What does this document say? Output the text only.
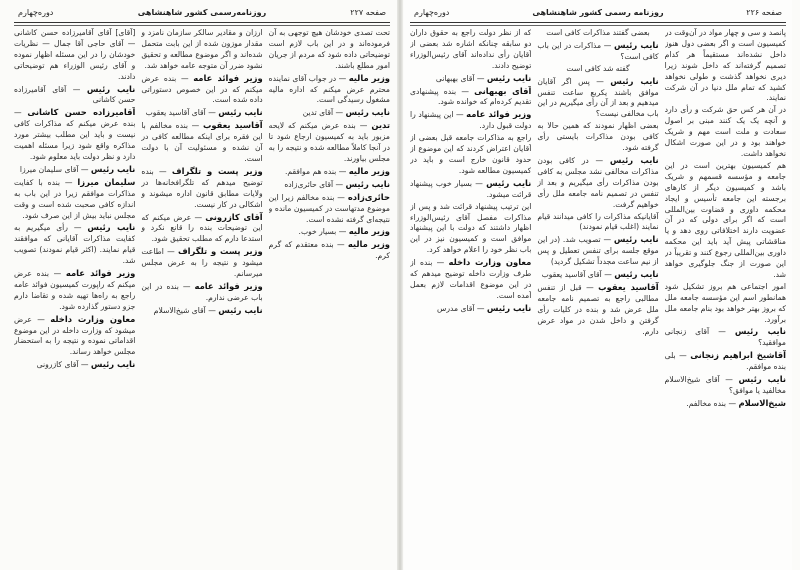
صفحه ۲۲۷
روزنامه‌رسمی کشور شاهنشاهی
دوره‌چهارم

تحت تصدی خودشان هیچ توجهی به آن فرموده‌اند و در این باب لازم است توضیحاتی داده شود که مردم از جریان امور مطلع باشند.

وزیر مالیه — در جواب آقای نماینده محترم عرض میکنم که اداره مالیه مشغول رسیدگی است.

نایب رئیس — آقای تدین

تدین — بنده عرض میکنم که لایحه مزبور باید به کمیسیون ارجاع شود تا در آنجا کاملاً مطالعه شده و نتیجه را به مجلس بیاورند.

وزیر مالیه — بنده هم موافقم.

نایب رئیس — آقای حائری‌زاده

حائری‌زاده — بنده مخالفم زیرا این موضوع مدتهاست در کمیسیون مانده و نتیجه‌ای گرفته نشده است.

وزیر مالیه — بسیار خوب.

وزیر مالیه — بنده معتقدم که گرم کرم.

ارزان و مقادیر سالکر سازمان نامزد و مقدار موزون شده از این بابت متحمل شده‌اند و اگر موضوع مطالعه و تحقیق نشود ضرر آن متوجه عامه خواهد شد.

وزیر فوائد عامه — بنده عرض میکنم که در این خصوص دستوراتی داده شده است.

نایب رئیس — آقای آقاسید یعقوب

آقاسید یعقوب — بنده مخالفم با این فقره برای اینکه مطالعه کافی در آن نشده و مسئولیت آن با دولت است.

وزیر پست و تلگراف — بنده توضیح میدهم که تلگرافخانه‌ها در ولایات مطابق قانون اداره میشوند و اشکالی در کار نیست.

آقای کازرونی — عرض میکنم که این توضیحات بنده را قانع نکرد و استدعا دارم که مطلب تحقیق شود.

وزیر پست و تلگراف — اطاعت میشود و نتیجه را به عرض مجلس میرسانم.

وزیر فوائد عامه — بنده در این باب عرضی ندارم.

نایب رئیس — آقای شیخ‌الاسلام

[آقای] آقای آقامیرزاده حسن کاشانی — آقای حاجی آقا جمال — نظریات خودشان را در این مسئله اظهار نموده و آقای رئیس الوزراء هم توضیحاتی دادند.

نایب رئیس — آقای آقامیرزاده حسن کاشانی

آقامیرزاده حسن کاشانی — بنده عرض میکنم که مذاکرات کافی نیست و باید این مطلب بیشتر مورد مذاکره واقع شود زیرا مسئله اهمیت دارد و نظر دولت باید معلوم شود.

نایب رئیس — آقای سلیمان میرزا

سلیمان میرزا — بنده با کفایت مذاکرات موافقم زیرا در این باب به اندازه کافی صحبت شده است و وقت مجلس نباید بیش از این صرف شود.

نایب رئیس — رأی میگیریم به کفایت مذاکرات آقایانی که موافقند قیام نمایند. (اکثر قیام نمودند) تصویب شد.

وزیر فوائد عامه — بنده عرض میکنم که راپورت کمیسیون فوائد عامه راجع به راه‌ها تهیه شده و تقاضا دارم جزو دستور گذارده شود.

معاون وزارت داخله — عرض میشود که وزارت داخله در این موضوع اقداماتی نموده و نتیجه را به استحضار مجلس خواهد رساند.

نایب رئیس — آقای کازرونی

صفحه ۲۲۶
روزنامه رسمی کشور شاهنشاهی
دوره‌چهارم

پانصد و سی و چهار مواد در آن‌وقت در کمیسیون است و اگر بعضی دول هنوز داخل نشده‌اند مستقیماً هر کدام تصمیم گرفته‌اند که داخل شوند زیرا دیری نخواهد گذشت و طولی نخواهد کشید که تمام ملل دنیا در آن شرکت نمایند.

در آن هر کس حق شرکت و رأی دارد و آنچه یک یک کنند مبنی بر اصول سعادت و ملت است مهم و شریک خواهند بود و در این صورت اشکال نخواهد داشت.

هم کمیسیون بهترین است در این جامعه و مؤسسه قسمهم و شریک باشد و کمیسیون دیگر از کارهای برجسته این جامعه تأسیس و ایجاد محکمه داوری و قضاوت بین‌المللی است که اگر برای دولی که در آن عضویت دارند اختلافاتی روی دهد و یا مناقشاتی پیش آید باید این محکمه داوری بین‌المللی رجوع کنند و تقریباً در این صورت از جنگ جلوگیری خواهد شد.

امور اجتماعی هم بروز تشکیل شود همانطور اسم این مؤسسه جامعه ملل که بروز بهتر خواهد بود بنام جامعه ملل برآورد.

نایب رئیس — آقای زنجانی موافقید؟

آقاشیخ ابراهیم زنجانی — بلی بنده موافقم.

نایب رئیس — آقای شیخ‌الاسلام مخالفید یا موافق؟

شیخ‌الاسلام — بنده مخالفم.

بعضی گفتند مذاکرات کافی است

نایب رئیس — مذاکرات در این باب کافی است؟

گفته شد کافی است

نایب رئیس — پس اگر آقایان موافق باشند یکربع ساعت تنفس میدهیم و بعد از آن رأی میگیریم در این باب مخالفی نیست؟

بعضی اظهار نمودند که همین حالا به کافی بودن مذاکرات بایستی رأی گرفته شود.

نایب رئیس — در کافی بودن مذاکرات مخالفی نشد مجلس به کافی بودن مذاکرات رأی میگیریم و بعد از تنفس در تصمیم نامه جامعه ملل رأی خواهیم گرفت.

آقایانیکه مذاکرات را کافی میدانند قیام نمایند (اغلب قیام نمودند)

نایب رئیس — تصویب شد. (در این موقع جلسه برای تنفس تعطیل و پس از نیم ساعت مجدداً تشکیل گردید)

نایب رئیس — آقای آقاسید یعقوب

آقاسید یعقوب — قبل از تنفس مطالبی راجع به تصمیم نامه جامعه ملل عرض شد و بنده در کلیات رأی گرفتن و داخل شدن در مواد عرض دارم.

که از نظر دولت راجع به حقوق داران دو سابقه چنانکه اشاره شد بعضی از آقایان رأی نداده‌اند آقای رئیس‌الوزراء توضیح دادند.

نایب رئیس — آقای بهبهانی

آقای بهبهانی — بنده پیشنهادی تقدیم کرده‌ام که خوانده شود.

وزیر فوائد عامه — این پیشنهاد را دولت قبول دارد.

راجع به مذاکرات جامعه قبل بعضی از آقایان اعتراض کردند که این موضوع از حدود قانون خارج است و باید در کمیسیون مطالعه شود.

نایب رئیس — بسیار خوب پیشنهاد قرائت میشود.

این ترتیب پیشنهاد قرائت شد و پس از مذاکرات مفصل آقای رئیس‌الوزراء اظهار داشتند که دولت با این پیشنهاد موافق است و کمیسیون نیز در این باب نظر خود را اعلام خواهد کرد.

معاون وزارت داخله — بنده از طرف وزارت داخله توضیح میدهم که در این موضوع اقدامات لازم بعمل آمده است.

نایب رئیس — آقای مدرس
